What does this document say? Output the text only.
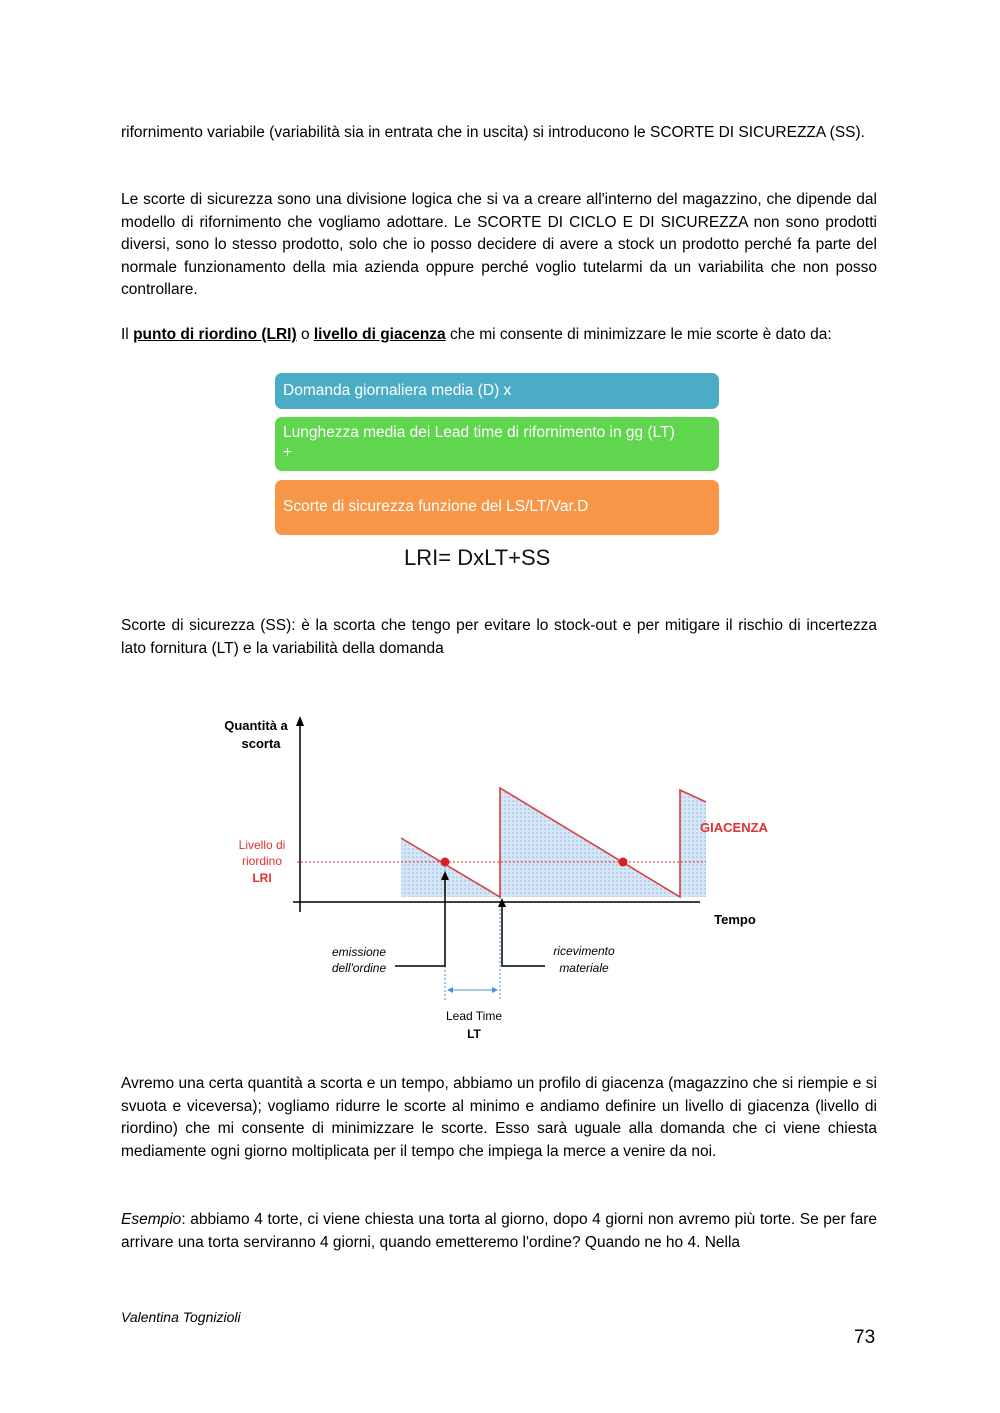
rifornimento variabile (variabilità sia in entrata che in uscita) si introducono le SCORTE DI SICUREZZA (SS).

Le scorte di sicurezza sono una divisione logica che si va a creare all'interno del magazzino, che dipende dal modello di rifornimento che vogliamo adottare. Le SCORTE DI CICLO E DI SICUREZZA non sono prodotti diversi, sono lo stesso prodotto, solo che io posso decidere di avere a stock un prodotto perché fa parte del normale funzionamento della mia azienda oppure perché voglio tutelarmi da un variabilita che non posso controllare.

Il punto di riordino (LRI) o livello di giacenza che mi consente di minimizzare le mie scorte è dato da:

Domanda giornaliera media (D) x
Lunghezza media dei Lead time di rifornimento in gg (LT)
+
Scorte di sicurezza funzione del LS/LT/Var.D
LRI= DxLT+SS

Scorte di sicurezza (SS): è la scorta che tengo per evitare lo stock-out e per mitigare il rischio di incertezza lato fornitura (LT) e la variabilità della domanda

Quantità a
scorta
Tempo
Livello di
riordino
LRI
GIACENZA
emissione
dell'ordine
ricevimento
materiale
Lead Time
LT

Avremo una certa quantità a scorta e un tempo, abbiamo un profilo di giacenza (magazzino che si riempie e si svuota e viceversa); vogliamo ridurre le scorte al minimo e andiamo definire un livello di giacenza (livello di riordino) che mi consente di minimizzare le scorte. Esso sarà uguale alla domanda che ci viene chiesta mediamente ogni giorno moltiplicata per il tempo che impiega la merce a venire da noi.

Esempio: abbiamo 4 torte, ci viene chiesta una torta al giorno, dopo 4 giorni non avremo più torte. Se per fare arrivare una torta serviranno 4 giorni, quando emetteremo l'ordine? Quando ne ho 4. Nella

Valentina Tognizioli
73
